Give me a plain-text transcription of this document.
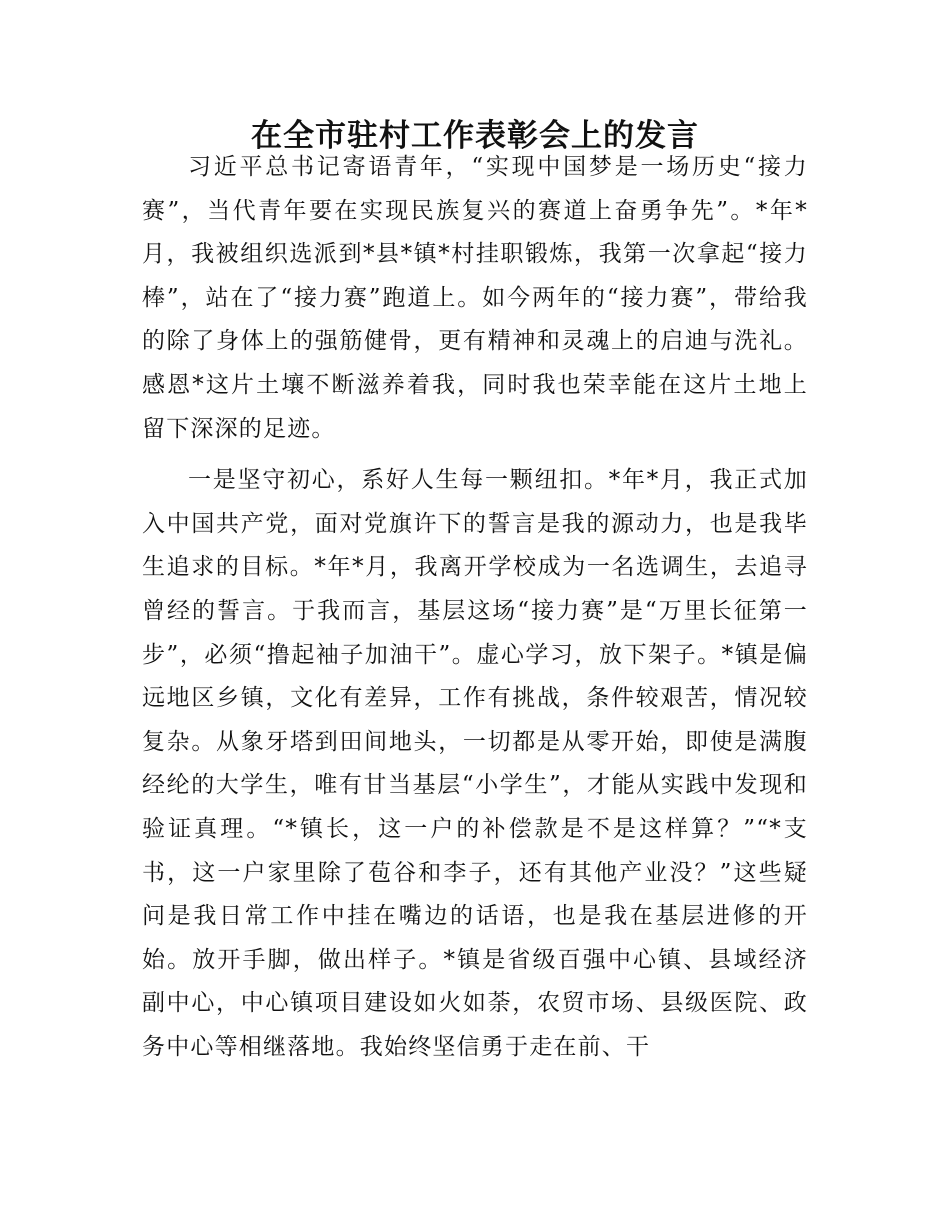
在全市驻村工作表彰会上的发言

习近平总书记寄语青年，“实现中国梦是一场历史“接力赛”，当代青年要在实现民族复兴的赛道上奋勇争先”。*年*月，我被组织选派到*县*镇*村挂职锻炼，我第一次拿起“接力棒”，站在了“接力赛”跑道上。如今两年的“接力赛”，带给我的除了身体上的强筋健骨，更有精神和灵魂上的启迪与洗礼。感恩*这片土壤不断滋养着我，同时我也荣幸能在这片土地上留下深深的足迹。

一是坚守初心，系好人生每一颗纽扣。*年*月，我正式加入中国共产党，面对党旗许下的誓言是我的源动力，也是我毕生追求的目标。*年*月，我离开学校成为一名选调生，去追寻曾经的誓言。于我而言，基层这场“接力赛”是“万里长征第一步”，必须“撸起袖子加油干”。虚心学习，放下架子。*镇是偏远地区乡镇，文化有差异，工作有挑战，条件较艰苦，情况较复杂。从象牙塔到田间地头，一切都是从零开始，即使是满腹经纶的大学生，唯有甘当基层“小学生”，才能从实践中发现和验证真理。“*镇长，这一户的补偿款是不是这样算？”“*支书，这一户家里除了苞谷和李子，还有其他产业没？”这些疑问是我日常工作中挂在嘴边的话语，也是我在基层进修的开始。放开手脚，做出样子。*镇是省级百强中心镇、县域经济副中心，中心镇项目建设如火如荼，农贸市场、县级医院、政务中心等相继落地。我始终坚信勇于走在前、干
